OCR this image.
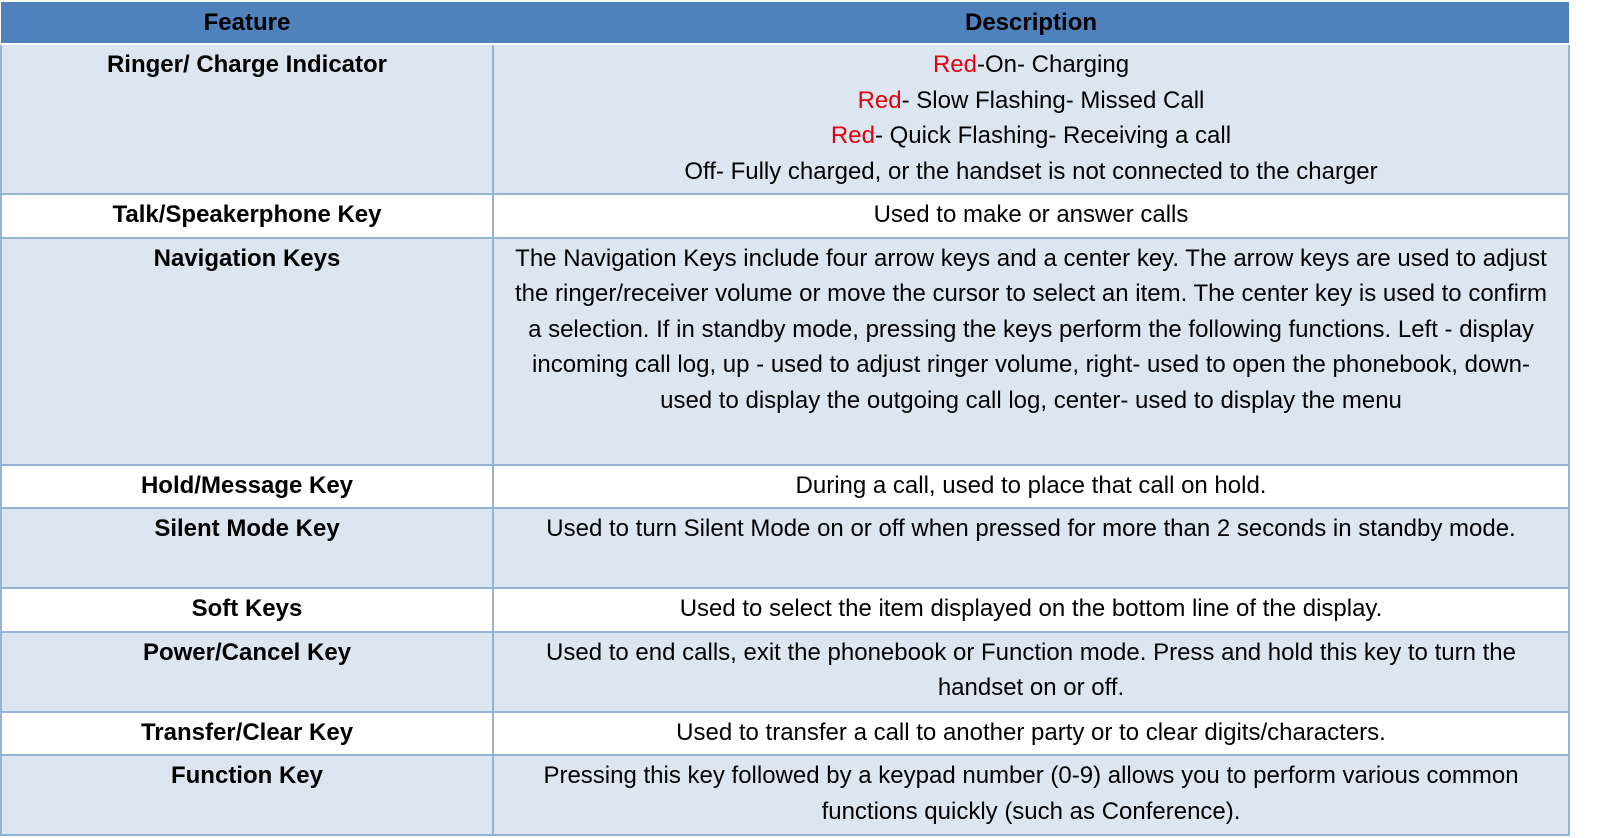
Feature	Description
Ringer/ Charge Indicator	Red-On- Charging
Red- Slow Flashing- Missed Call
Red- Quick Flashing- Receiving a call
Off- Fully charged, or the handset is not connected to the charger

Talk/Speakerphone Key	Used to make or answer calls
Navigation Keys	The Navigation Keys include four arrow keys and a center key. The arrow keys are used to adjust the ringer/receiver volume or move the cursor to select an item. The center key is used to confirm a selection. If in standby mode, pressing the keys perform the following functions. Left - display incoming call log, up - used to adjust ringer volume, right- used to open the phonebook, down- used to display the outgoing call log, center- used to display the menu
Hold/Message Key	During a call, used to place that call on hold.
Silent Mode Key	Used to turn Silent Mode on or off when pressed for more than 2 seconds in standby mode.
Soft Keys	Used to select the item displayed on the bottom line of the display.
Power/Cancel Key	Used to end calls, exit the phonebook or Function mode. Press and hold this key to turn the handset on or off.
Transfer/Clear Key	Used to transfer a call to another party or to clear digits/characters.
Function Key	Pressing this key followed by a keypad number (0-9) allows you to perform various common functions quickly (such as Conference).
